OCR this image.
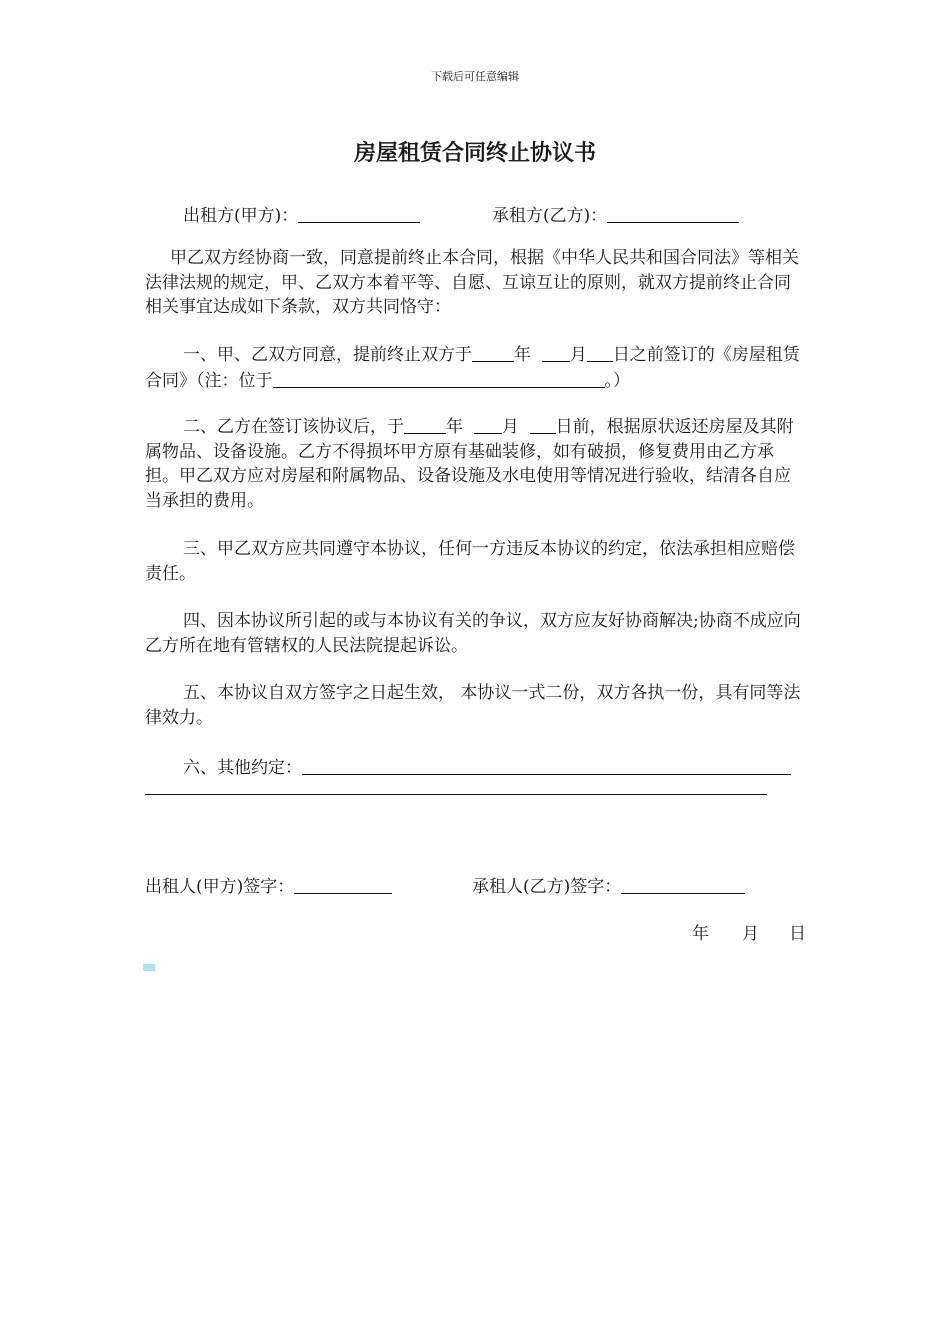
下载后可任意编辑
房屋租赁合同终止协议书
出租方(甲方)：	承租方(乙方)：
甲乙双方经协商一致，同意提前终止本合同，根据《中华人民共和国合同法》等相关法律法规的规定，甲、乙双方本着平等、自愿、互谅互让的原则，就双方提前终止合同相关事宜达成如下条款，双方共同恪守：
一、甲、乙双方同意，提前终止双方于 年 月 日之前签订的《房屋租赁合同》（注：位于	。）
二、乙方在签订该协议后，于 年 月 日前，根据原状返还房屋及其附属物品、设备设施。乙方不得损坏甲方原有基础装修，如有破损，修复费用由乙方承担。甲乙双方应对房屋和附属物品、设备设施及水电使用等情况进行验收，结清各自应当承担的费用。
三、甲乙双方应共同遵守本协议，任何一方违反本协议的约定，依法承担相应赔偿责任。
四、因本协议所引起的或与本协议有关的争议，双方应友好协商解决;协商不成应向乙方所在地有管辖权的人民法院提起诉讼。
五、本协议自双方签字之日起生效， 本协议一式二份，双方各执一份，具有同等法律效力。
六、其他约定：
出租人(甲方)签字：	承租人(乙方)签字：
年 月 日
